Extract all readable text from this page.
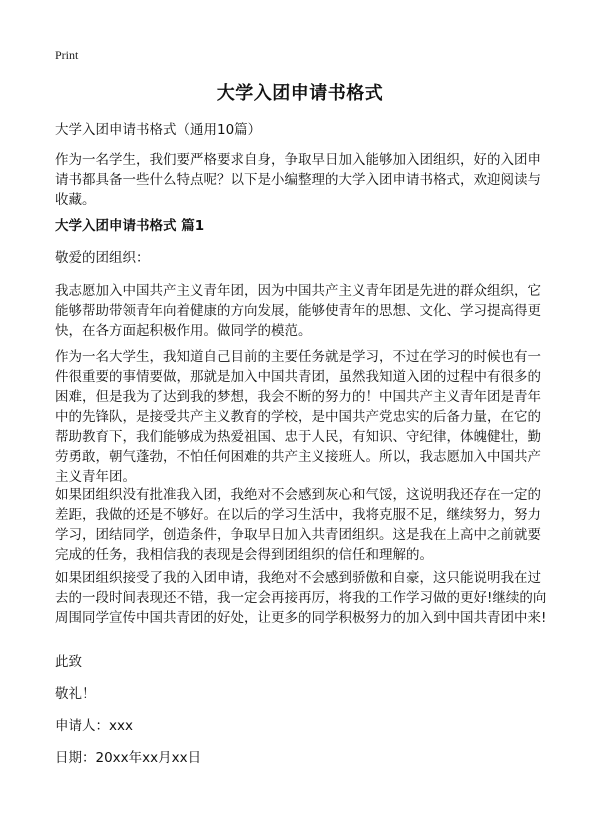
Print
大学入团申请书格式

大学入团申请书格式（通用10篇）

作为一名学生，我们要严格要求自身，争取早日加入能够加入团组织，好的入团申请书都具备一些什么特点呢？以下是小编整理的大学入团申请书格式，欢迎阅读与收藏。

大学入团申请书格式 篇1

敬爱的团组织：

我志愿加入中国共产主义青年团，因为中国共产主义青年团是先进的群众组织，它能够帮助带领青年向着健康的方向发展，能够使青年的思想、文化、学习提高得更快，在各方面起积极作用。做同学的模范。

作为一名大学生，我知道自己目前的主要任务就是学习，不过在学习的时候也有一件很重要的事情要做，那就是加入中国共青团，虽然我知道入团的过程中有很多的困难，但是我为了达到我的梦想，我会不断的努力的！中国共产主义青年团是青年中的先锋队，是接受共产主义教育的学校，是中国共产党忠实的后备力量，在它的帮助教育下，我们能够成为热爱祖国、忠于人民，有知识、守纪律，体魄健壮，勤劳勇敢，朝气蓬勃，不怕任何困难的共产主义接班人。所以，我志愿加入中国共产主义青年团。

如果团组织没有批准我入团，我绝对不会感到灰心和气馁，这说明我还存在一定的差距，我做的还是不够好。在以后的学习生活中，我将克服不足，继续努力，努力学习，团结同学，创造条件，争取早日加入共青团组织。这是我在上高中之前就要完成的任务，我相信我的表现是会得到团组织的信任和理解的。

如果团组织接受了我的入团申请，我绝对不会感到骄傲和自豪，这只能说明我在过去的一段时间表现还不错，我一定会再接再厉，将我的工作学习做的更好!继续的向周围同学宣传中国共青团的好处，让更多的同学积极努力的加入到中国共青团中来!

此致

敬礼！

申请人：xxx

日期：20xx年xx月xx日
